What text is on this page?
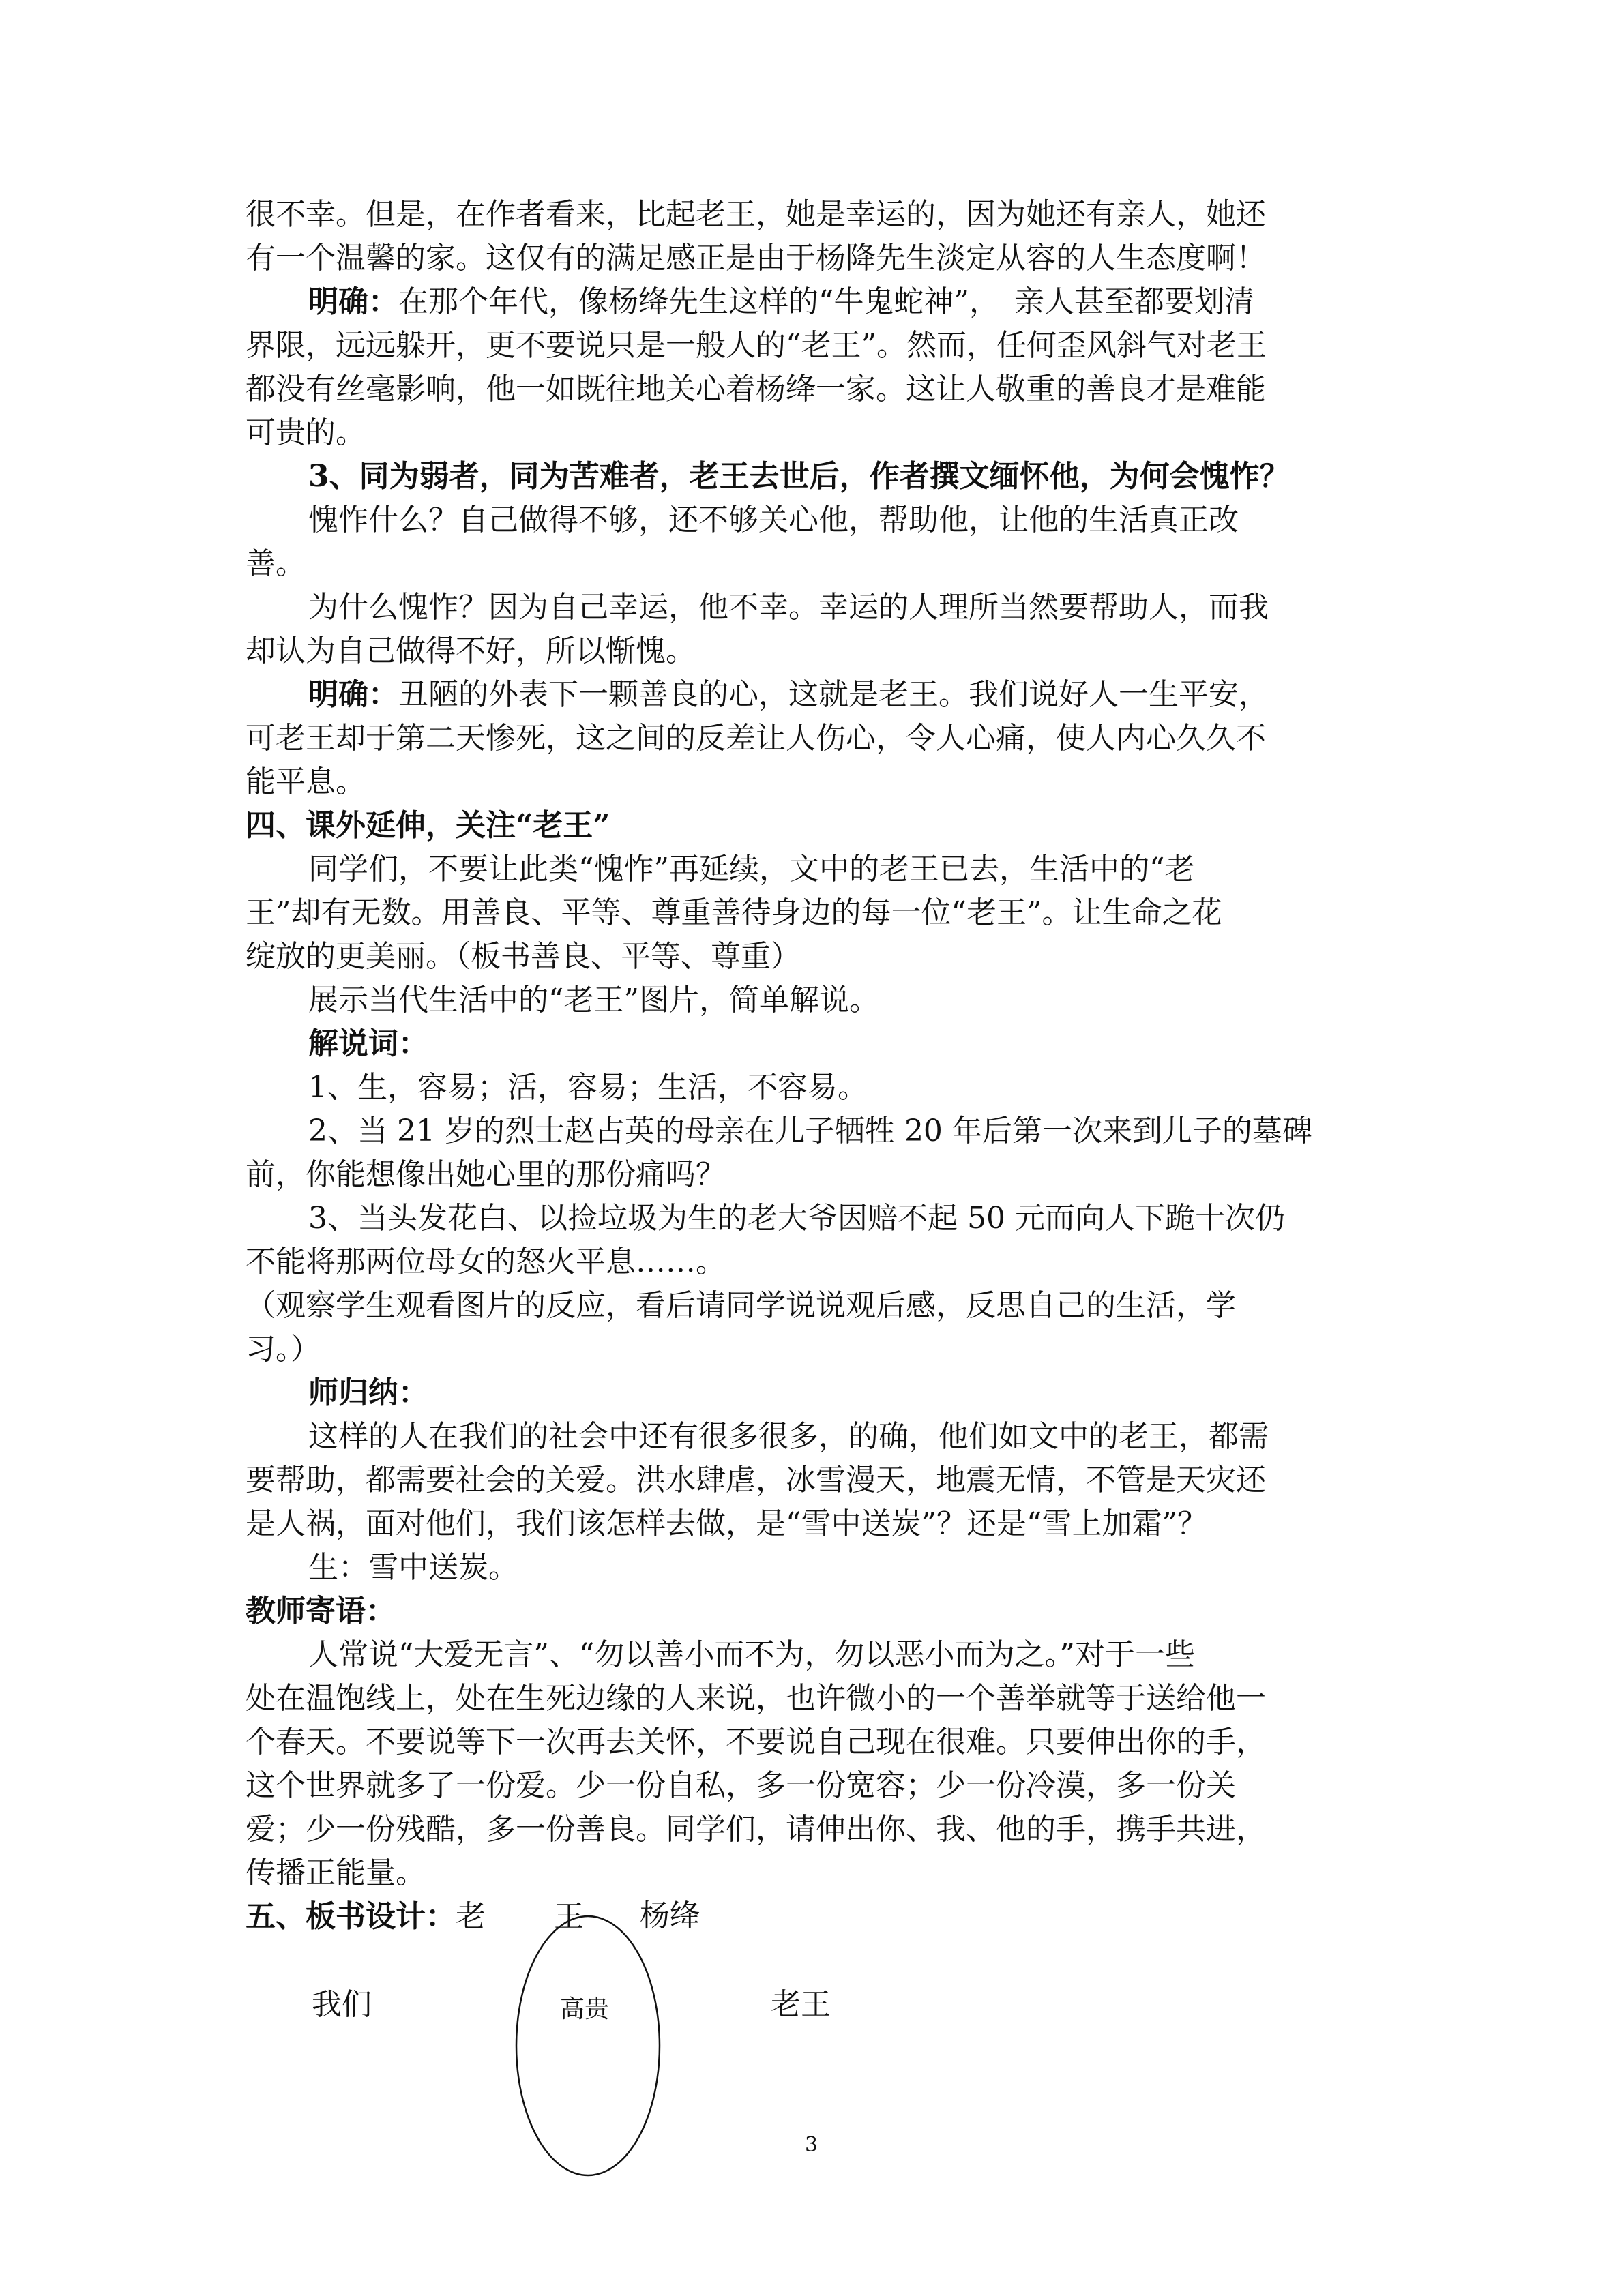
很不幸。但是，在作者看来，比起老王，她是幸运的，因为她还有亲人，她还

有一个温馨的家。这仅有的满足感正是由于杨降先生淡定从容的人生态度啊！

明确：在那个年代，像杨绛先生这样的“牛鬼蛇神”，　亲人甚至都要划清

界限，远远躲开，更不要说只是一般人的“老王”。然而，任何歪风斜气对老王

都没有丝毫影响，他一如既往地关心着杨绛一家。这让人敬重的善良才是难能

可贵的。

3、同为弱者，同为苦难者，老王去世后，作者撰文缅怀他，为何会愧怍？

愧怍什么？自己做得不够，还不够关心他，帮助他，让他的生活真正改

善。

为什么愧怍？因为自己幸运，他不幸。幸运的人理所当然要帮助人，而我

却认为自己做得不好，所以惭愧。

明确：丑陋的外表下一颗善良的心，这就是老王。我们说好人一生平安，

可老王却于第二天惨死，这之间的反差让人伤心，令人心痛，使人内心久久不

能平息。

四、课外延伸，关注“老王”

同学们，不要让此类“愧怍”再延续，文中的老王已去，生活中的“老

王”却有无数。用善良、平等、尊重善待身边的每一位“老王”。让生命之花

绽放的更美丽。（板书善良、平等、尊重）

展示当代生活中的“老王”图片，简单解说。

解说词：

1、生，容易；活，容易；生活，不容易。

2、当 21 岁的烈士赵占英的母亲在儿子牺牲 20 年后第一次来到儿子的墓碑

前，你能想像出她心里的那份痛吗？

3、当头发花白、以捡垃圾为生的老大爷因赔不起 50 元而向人下跪十次仍

不能将那两位母女的怒火平息……。

（观察学生观看图片的反应，看后请同学说说观后感，反思自己的生活，学

习。）

师归纳：

这样的人在我们的社会中还有很多很多，的确，他们如文中的老王，都需

要帮助，都需要社会的关爱。洪水肆虐，冰雪漫天，地震无情，不管是天灾还

是人祸，面对他们，我们该怎样去做，是“雪中送炭”？还是“雪上加霜”？

生：雪中送炭。

教师寄语：

人常说“大爱无言”、“勿以善小而不为，勿以恶小而为之。”对于一些

处在温饱线上，处在生死边缘的人来说，也许微小的一个善举就等于送给他一

个春天。不要说等下一次再去关怀，不要说自己现在很难。只要伸出你的手，

这个世界就多了一份爱。少一份自私，多一份宽容；少一份冷漠，多一份关

爱；少一份残酷，多一份善良。同学们，请伸出你、我、他的手，携手共进，

传播正能量。

五、板书设计：老 王	杨绛
我们	高贵	老王
3
